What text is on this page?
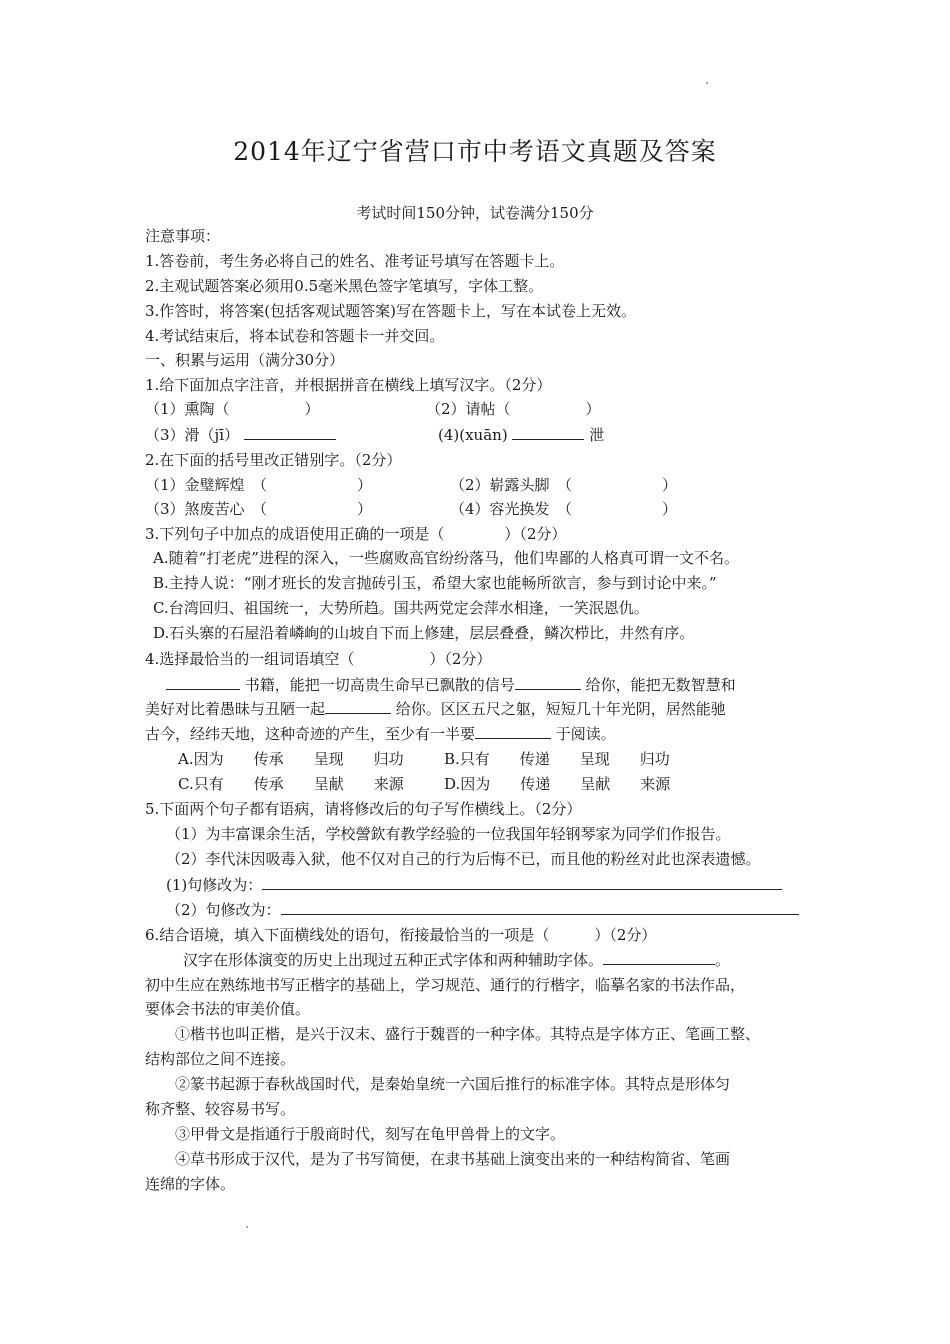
2014年辽宁省营口市中考语文真题及答案
考试时间150分钟，试卷满分150分
注意事项：
1.答卷前，考生务必将自己的姓名、准考证号填写在答题卡上。
2.主观试题答案必须用0.5毫米黑色签字笔填写，字体工整。
3.作答时，将答案(包括客观试题答案)写在答题卡上，写在本试卷上无效。
4.考试结束后，将本试卷和答题卡一并交回。
一、积累与运用（满分30分）
1.给下面加点字注音，并根据拼音在横线上填写汉字。（2分）
（1）熏陶（　　　　　）	（2）请帖（　　　　　）
（3）滑（jī）	(4)(xuān)	泄
2.在下面的括号里改正错别字。（2分）
（1）金璧辉煌　（　　　　　　）	（2）崭露头脚　（　　　　　　）
（3）煞废苦心　（　　　　　　）	（4）容光换发　（　　　　　　）
3.下列句子中加点的成语使用正确的一项是（　　　　）（2分）
A.随着“打老虎”进程的深入，一些腐败高官纷纷落马，他们卑鄙的人格真可谓一文不名。
B.主持人说：“刚才班长的发言抛砖引玉，希望大家也能畅所欲言，参与到讨论中来。”
C.台湾回归、祖国统一，大势所趋。国共两党定会萍水相逢，一笑泯恩仇。
D.石头寨的石屋沿着嶙峋的山坡自下而上修建，层层叠叠，鳞次栉比，井然有序。
4.选择最恰当的一组词语填空（　　　　　）（2分）
书籍，能把一切高贵生命早已飘散的信号	给你，能把无数智慧和
美好对比着愚昧与丑陋一起	给你。区区五尺之躯，短短几十年光阴，居然能驰
古今，经纬天地，这种奇迹的产生，至少有一半要	于阅读。
A.因为　　传承　　呈现　　归功	B.只有　　传递　　呈现　　归功
C.只有　　传承　　呈献　　来源	D.因为　　传递　　呈献　　来源
5.下面两个句子都有语病，请将修改后的句子写作横线上。（2分）
（1）为丰富课余生活，学校謍欽有教学经验的一位我国年轻钢琴家为同学们作报告。
（2）李代沫因吸毒入狱，他不仅对自己的行为后悔不已，而且他的粉丝对此也深表遗憾。
(1)句修改为：
（2）句修改为：
6.结合语境，填入下面横线处的语句，衔接最恰当的一项是（　　　）（2分）
汉字在形体演变的历史上出现过五种正式字体和两种辅助字体。	。
初中生应在熟练地书写正楷字的基础上，学习规范、通行的行楷字，临摹名家的书法作品，
要体会书法的审美价值。
①楷书也叫正楷，是兴于汉末、盛行于魏晋的一种字体。其特点是字体方正、笔画工整、
结构部位之间不连接。
②篆书起源于春秋战国时代，是秦始皇统一六国后推行的标准字体。其特点是形体匀
称齐整、较容易书写。
③甲骨文是指通行于殷商时代，刻写在龟甲兽骨上的文字。
④草书形成于汉代，是为了书写简便，在隶书基础上演变出来的一种结构简省、笔画
连绵的字体。
